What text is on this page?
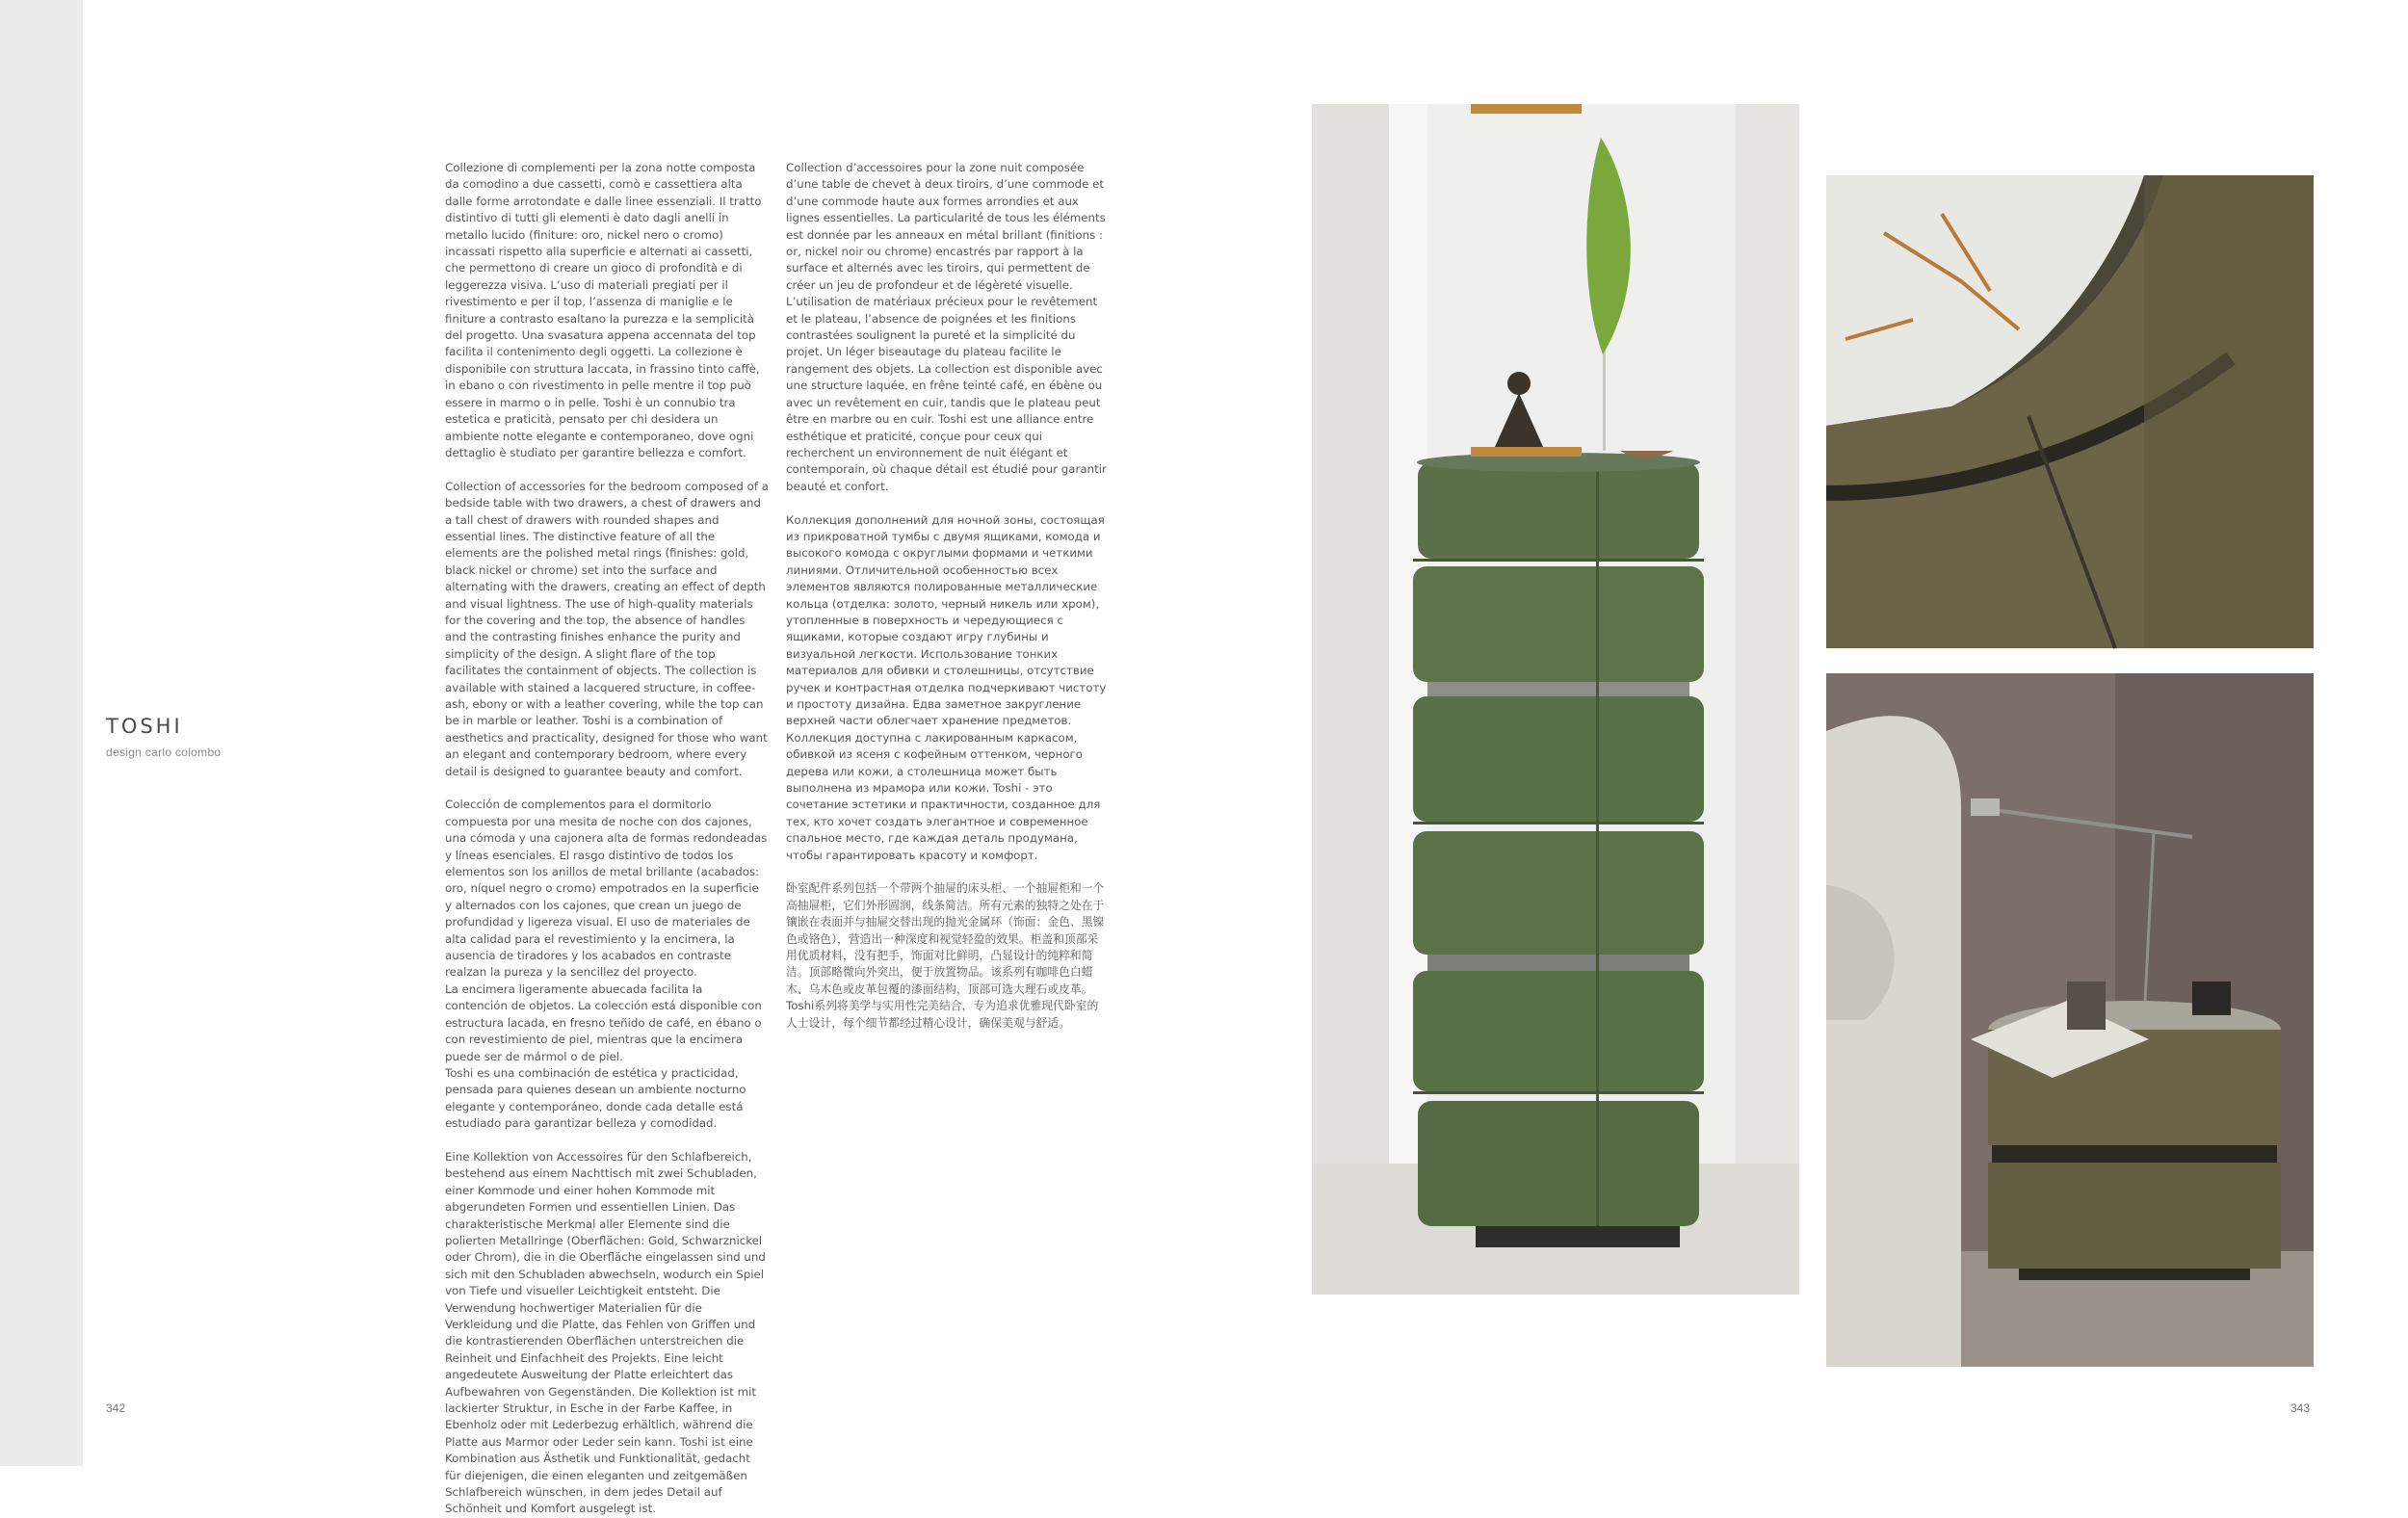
TOSHI
design carlo colombo
342	343

Collezione di complementi per la zona notte composta da comodino a due cassetti, comò e cassettiera alta dalle forme arrotondate e dalle linee essenziali. Il tratto distintivo di tutti gli elementi è dato dagli anelli in metallo lucido (finiture: oro, nickel nero o cromo) incassati rispetto alla superficie e alternati ai cassetti, che permettono di creare un gioco di profondità e di leggerezza visiva. L’uso di materiali pregiati per il rivestimento e per il top, l’assenza di maniglie e le finiture a contrasto esaltano la purezza e la semplicità del progetto. Una svasatura appena accennata del top facilita il contenimento degli oggetti. La collezione è disponibile con struttura laccata, in frassino tinto caffè, in ebano o con rivestimento in pelle mentre il top può essere in marmo o in pelle. Toshi è un connubio tra estetica e praticità, pensato per chi desidera un ambiente notte elegante e contemporaneo, dove ogni dettaglio è studiato per garantire bellezza e comfort.

Collection of accessories for the bedroom composed of a bedside table with two drawers, a chest of drawers and a tall chest of drawers with rounded shapes and essential lines. The distinctive feature of all the elements are the polished metal rings (finishes: gold, black nickel or chrome) set into the surface and alternating with the drawers, creating an effect of depth and visual lightness. The use of high-quality materials for the covering and the top, the absence of handles and the contrasting finishes enhance the purity and simplicity of the design. A slight flare of the top facilitates the containment of objects. The collection is available with stained a lacquered structure, in coffee-ash, ebony or with a leather covering, while the top can be in marble or leather. Toshi is a combination of aesthetics and practicality, designed for those who want an elegant and contemporary bedroom, where every detail is designed to guarantee beauty and comfort.

Colección de complementos para el dormitorio compuesta por una mesita de noche con dos cajones, una cómoda y una cajonera alta de formas redondeadas y líneas esenciales. El rasgo distintivo de todos los elementos son los anillos de metal brillante (acabados: oro, níquel negro o cromo) empotrados en la superficie y alternados con los cajones, que crean un juego de profundidad y ligereza visual. El uso de materiales de alta calidad para el revestimiento y la encimera, la ausencia de tiradores y los acabados en contraste realzan la pureza y la sencillez del proyecto.

La encimera ligeramente abuecada facilita la contención de objetos. La colección está disponible con estructura lacada, en fresno teñido de café, en ébano o con revestimiento de piel, mientras que la encimera puede ser de mármol o de piel.

Toshi es una combinación de estética y practicidad, pensada para quienes desean un ambiente nocturno elegante y contemporáneo, donde cada detalle está estudiado para garantizar belleza y comodidad.

Eine Kollektion von Accessoires für den Schlafbereich, bestehend aus einem Nachttisch mit zwei Schubladen, einer Kommode und einer hohen Kommode mit abgerundeten Formen und essentiellen Linien. Das charakteristische Merkmal aller Elemente sind die polierten Metallringe (Oberflächen: Gold, Schwarznickel oder Chrom), die in die Oberfläche eingelassen sind und sich mit den Schubladen abwechseln, wodurch ein Spiel von Tiefe und visueller Leichtigkeit entsteht. Die Verwendung hochwertiger Materialien für die Verkleidung und die Platte, das Fehlen von Griffen und die kontrastierenden Oberflächen unterstreichen die Reinheit und Einfachheit des Projekts. Eine leicht angedeutete Ausweitung der Platte erleichtert das Aufbewahren von Gegenständen. Die Kollektion ist mit lackierter Struktur, in Esche in der Farbe Kaffee, in Ebenholz oder mit Lederbezug erhältlich, während die Platte aus Marmor oder Leder sein kann. Toshi ist eine Kombination aus Ästhetik und Funktionalität, gedacht für diejenigen, die einen eleganten und zeitgemäßen Schlafbereich wünschen, in dem jedes Detail auf Schönheit und Komfort ausgelegt ist.

Collection d’accessoires pour la zone nuit composée d’une table de chevet à deux tiroirs, d’une commode et d’une commode haute aux formes arrondies et aux lignes essentielles. La particularité de tous les éléments est donnée par les anneaux en métal brillant (finitions : or, nickel noir ou chrome) encastrés par rapport à la surface et alternés avec les tiroirs, qui permettent de créer un jeu de profondeur et de légèreté visuelle. L’utilisation de matériaux précieux pour le revêtement et le plateau, l’absence de poignées et les finitions contrastées soulignent la pureté et la simplicité du projet. Un léger biseautage du plateau facilite le rangement des objets. La collection est disponible avec une structure laquée, en frêne teinté café, en ébène ou avec un revêtement en cuir, tandis que le plateau peut être en marbre ou en cuir. Toshi est une alliance entre esthétique et praticité, conçue pour ceux qui recherchent un environnement de nuit élégant et contemporain, où chaque détail est étudié pour garantir beauté et confort.

Коллекция дополнений для ночной зоны, состоящая из прикроватной тумбы с двумя ящиками, комода и высокого комода с округлыми формами и четкими линиями. Отличительной особенностью всех элементов являются полированные металлические кольца (отделка: золото, черный никель или хром), утопленные в поверхность и чередующиеся с ящиками, которые создают игру глубины и визуальной легкости. Использование тонких материалов для обивки и столешницы, отсутствие ручек и контрастная отделка подчеркивают чистоту и простоту дизайна. Едва заметное закругление верхней части облегчает хранение предметов. Коллекция доступна с лакированным каркасом, обивкой из ясеня с кофейным оттенком, черного дерева или кожи, а столешница может быть выполнена из мрамора или кожи. Toshi - это сочетание эстетики и практичности, созданное для тех, кто хочет создать элегантное и современное спальное место, где каждая деталь продумана, чтобы гарантировать красоту и комфорт.

卧室配件系列包括一个带两个抽屉的床头柜、一个抽屉柜和一个高抽屉柜，它们外形圆润，线条简洁。所有元素的独特之处在于镶嵌在表面并与抽屉交替出现的抛光金属环（饰面：金色、黑镍色或铬色），营造出一种深度和视觉轻盈的效果。柜盖和顶部采用优质材料，没有把手，饰面对比鲜明，凸显设计的纯粹和简洁。顶部略微向外突出，便于放置物品。该系列有咖啡色白蜡木、乌木色或皮革包覆的漆面结构，顶部可选大理石或皮革。Toshi系列将美学与实用性完美结合，专为追求优雅现代卧室的人士设计，每个细节都经过精心设计，确保美观与舒适。
